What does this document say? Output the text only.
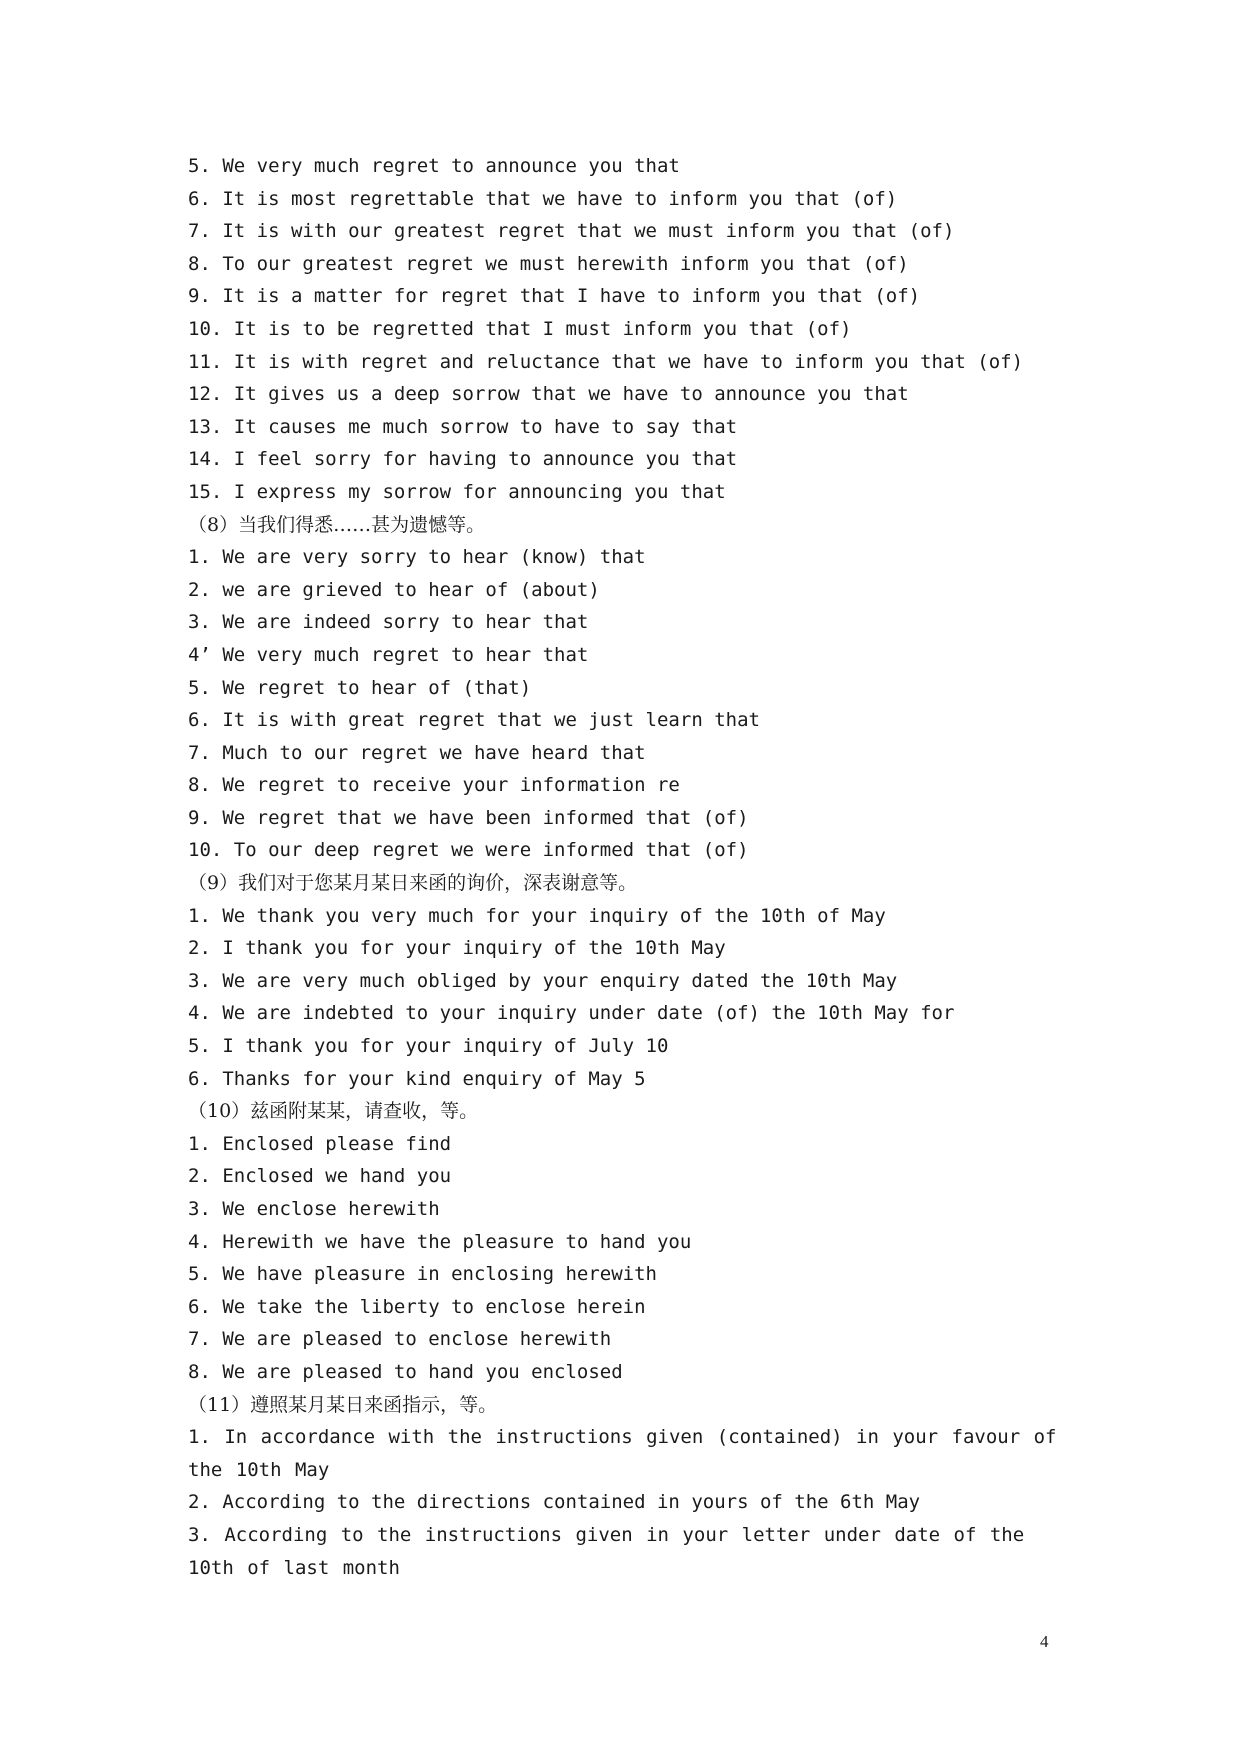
5. We very much regret to announce you that
6. It is most regrettable that we have to inform you that (of)
7. It is with our greatest regret that we must inform you that (of)
8. To our greatest regret we must herewith inform you that (of)
9. It is a matter for regret that I have to inform you that (of)
10. It is to be regretted that I must inform you that (of)
11. It is with regret and reluctance that we have to inform you that (of)
12. It gives us a deep sorrow that we have to announce you that
13. It causes me much sorrow to have to say that
14. I feel sorry for having to announce you that
15. I express my sorrow for announcing you that
（8）当我们得悉……甚为遗憾等。
1. We are very sorry to hear (know) that
2. we are grieved to hear of (about)
3. We are indeed sorry to hear that
4’ We very much regret to hear that
5. We regret to hear of (that)
6. It is with great regret that we just learn that
7. Much to our regret we have heard that
8. We regret to receive your information re
9. We regret that we have been informed that (of)
10. To our deep regret we were informed that (of)
（9）我们对于您某月某日来函的询价，深表谢意等。
1. We thank you very much for your inquiry of the 10th of May
2. I thank you for your inquiry of the 10th May
3. We are very much obliged by your enquiry dated the 10th May
4. We are indebted to your inquiry under date (of) the 10th May for
5. I thank you for your inquiry of July 10
6. Thanks for your kind enquiry of May 5
（10）兹函附某某，请查收，等。
1. Enclosed please find
2. Enclosed we hand you
3. We enclose herewith
4. Herewith we have the pleasure to hand you
5. We have pleasure in enclosing herewith
6. We take the liberty to enclose herein
7. We are pleased to enclose herewith
8. We are pleased to hand you enclosed
（11）遵照某月某日来函指示，等。
1. In accordance with the instructions given (contained) in your favour of the 10th May
2. According to the directions contained in yours of the 6th May
3. According to the instructions given in your letter under date of the 10th of last month
4
